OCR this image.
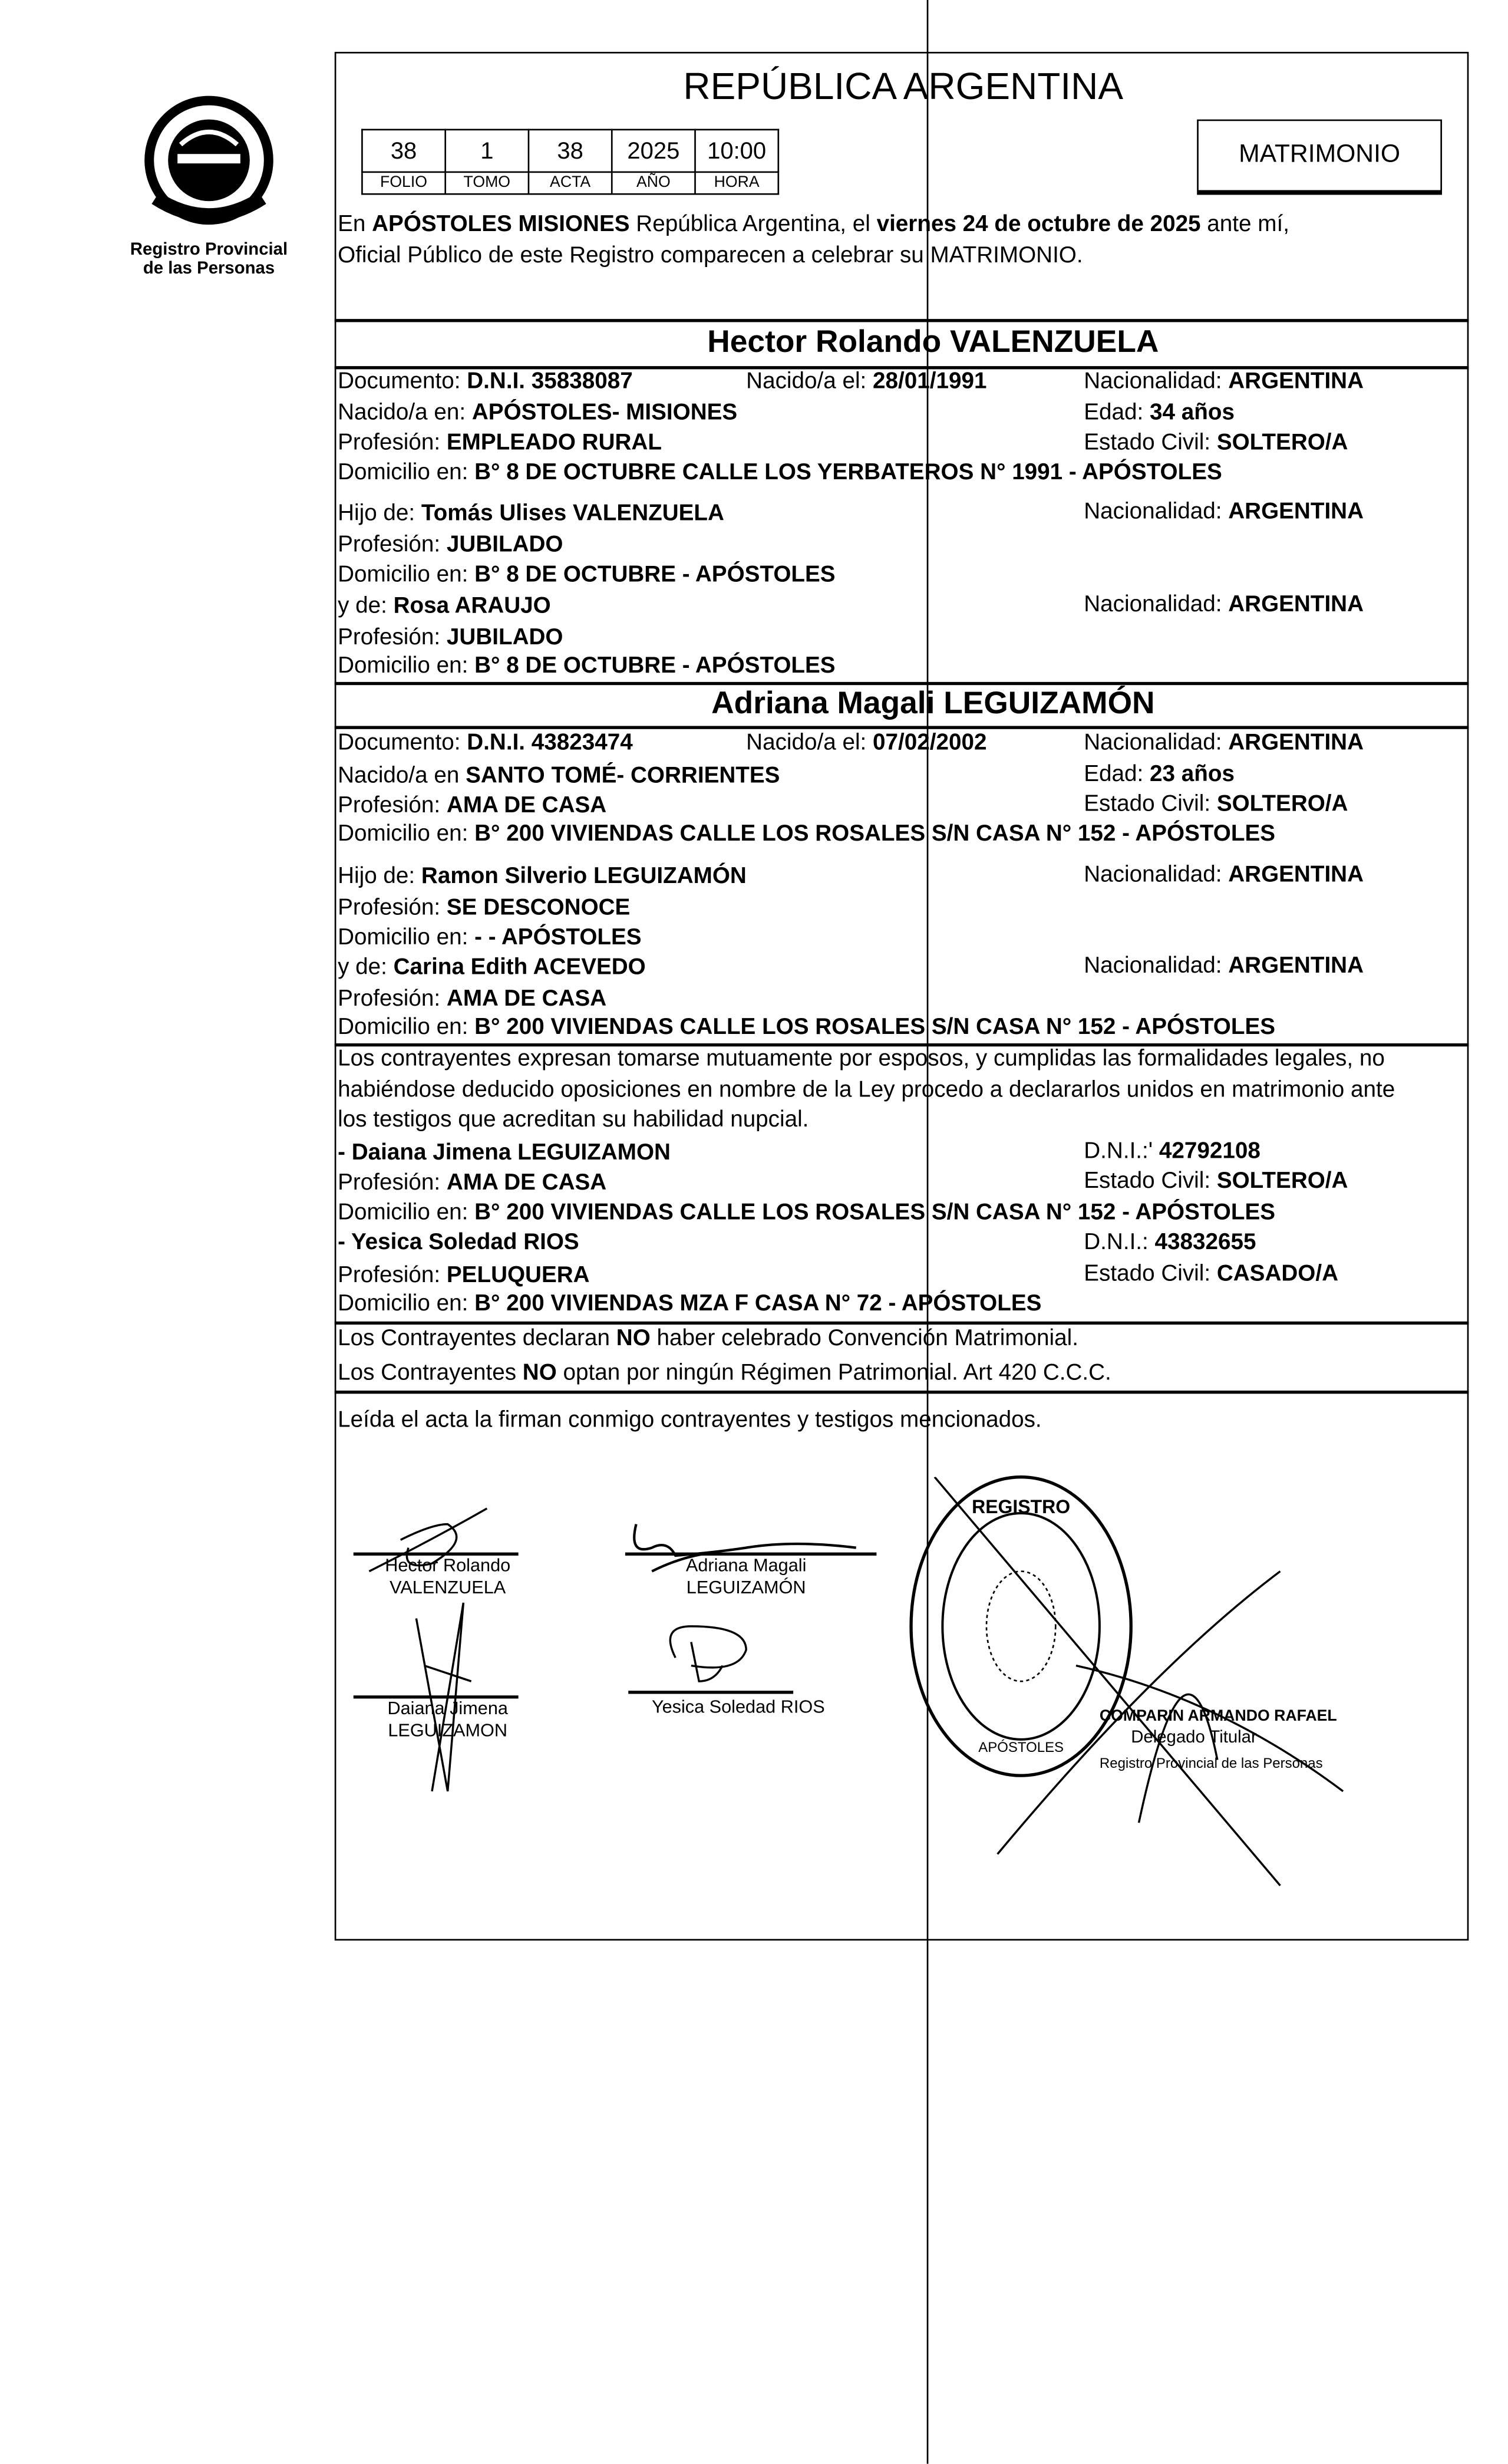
Registro Provincial
de las Personas
REPÚBLICA ARGENTINA
38	1	38	2025	10:00
FOLIO	TOMO	ACTA	AÑO	HORA
MATRIMONIO
En APÓSTOLES MISIONES República Argentina, el viernes 24 de octubre de 2025 ante mí,
Oficial Público de este Registro comparecen a celebrar su MATRIMONIO.
Hector Rolando VALENZUELA
Documento: D.N.I. 35838087	Nacido/a el: 28/01/1991	Nacionalidad: ARGENTINA
Nacido/a en: APÓSTOLES- MISIONES	Edad: 34 años
Profesión: EMPLEADO RURAL	Estado Civil: SOLTERO/A
Domicilio en: B° 8 DE OCTUBRE CALLE LOS YERBATEROS N° 1991 - APÓSTOLES
Hijo de: Tomás Ulises VALENZUELA	Nacionalidad: ARGENTINA
Profesión: JUBILADO
Domicilio en: B° 8 DE OCTUBRE - APÓSTOLES
y de: Rosa ARAUJO	Nacionalidad: ARGENTINA
Profesión: JUBILADO
Domicilio en: B° 8 DE OCTUBRE - APÓSTOLES
Adriana Magali LEGUIZAMÓN
Documento: D.N.I. 43823474	Nacido/a el: 07/02/2002	Nacionalidad: ARGENTINA
Nacido/a en SANTO TOMÉ- CORRIENTES	Edad: 23 años
Profesión: AMA DE CASA	Estado Civil: SOLTERO/A
Domicilio en: B° 200 VIVIENDAS CALLE LOS ROSALES S/N CASA N° 152 - APÓSTOLES
Hijo de: Ramon Silverio LEGUIZAMÓN	Nacionalidad: ARGENTINA
Profesión: SE DESCONOCE
Domicilio en: - - APÓSTOLES
y de: Carina Edith ACEVEDO	Nacionalidad: ARGENTINA
Profesión: AMA DE CASA
Domicilio en: B° 200 VIVIENDAS CALLE LOS ROSALES S/N CASA N° 152 - APÓSTOLES
Los contrayentes expresan tomarse mutuamente por esposos, y cumplidas las formalidades legales, no
habiéndose deducido oposiciones en nombre de la Ley procedo a declararlos unidos en matrimonio ante
los testigos que acreditan su habilidad nupcial.
- Daiana Jimena LEGUIZAMON	D.N.I.:' 42792108
Profesión: AMA DE CASA	Estado Civil: SOLTERO/A
Domicilio en: B° 200 VIVIENDAS CALLE LOS ROSALES S/N CASA N° 152 - APÓSTOLES
- Yesica Soledad RIOS	D.N.I.: 43832655
Profesión: PELUQUERA	Estado Civil: CASADO/A
Domicilio en: B° 200 VIVIENDAS MZA F CASA N° 72 - APÓSTOLES
Los Contrayentes declaran NO haber celebrado Convención Matrimonial.
Los Contrayentes NO optan por ningún Régimen Patrimonial. Art 420 C.C.C.
Leída el acta la firman conmigo contrayentes y testigos mencionados.
Hector Rolando
VALENZUELA
Adriana Magali
LEGUIZAMÓN
Daiana Jimena
LEGUIZAMON
Yesica Soledad RIOS
REGISTRO
APÓSTOLES
COMPARIN ARMANDO RAFAEL
Delegado Titular
Registro Provincial de las Personas
